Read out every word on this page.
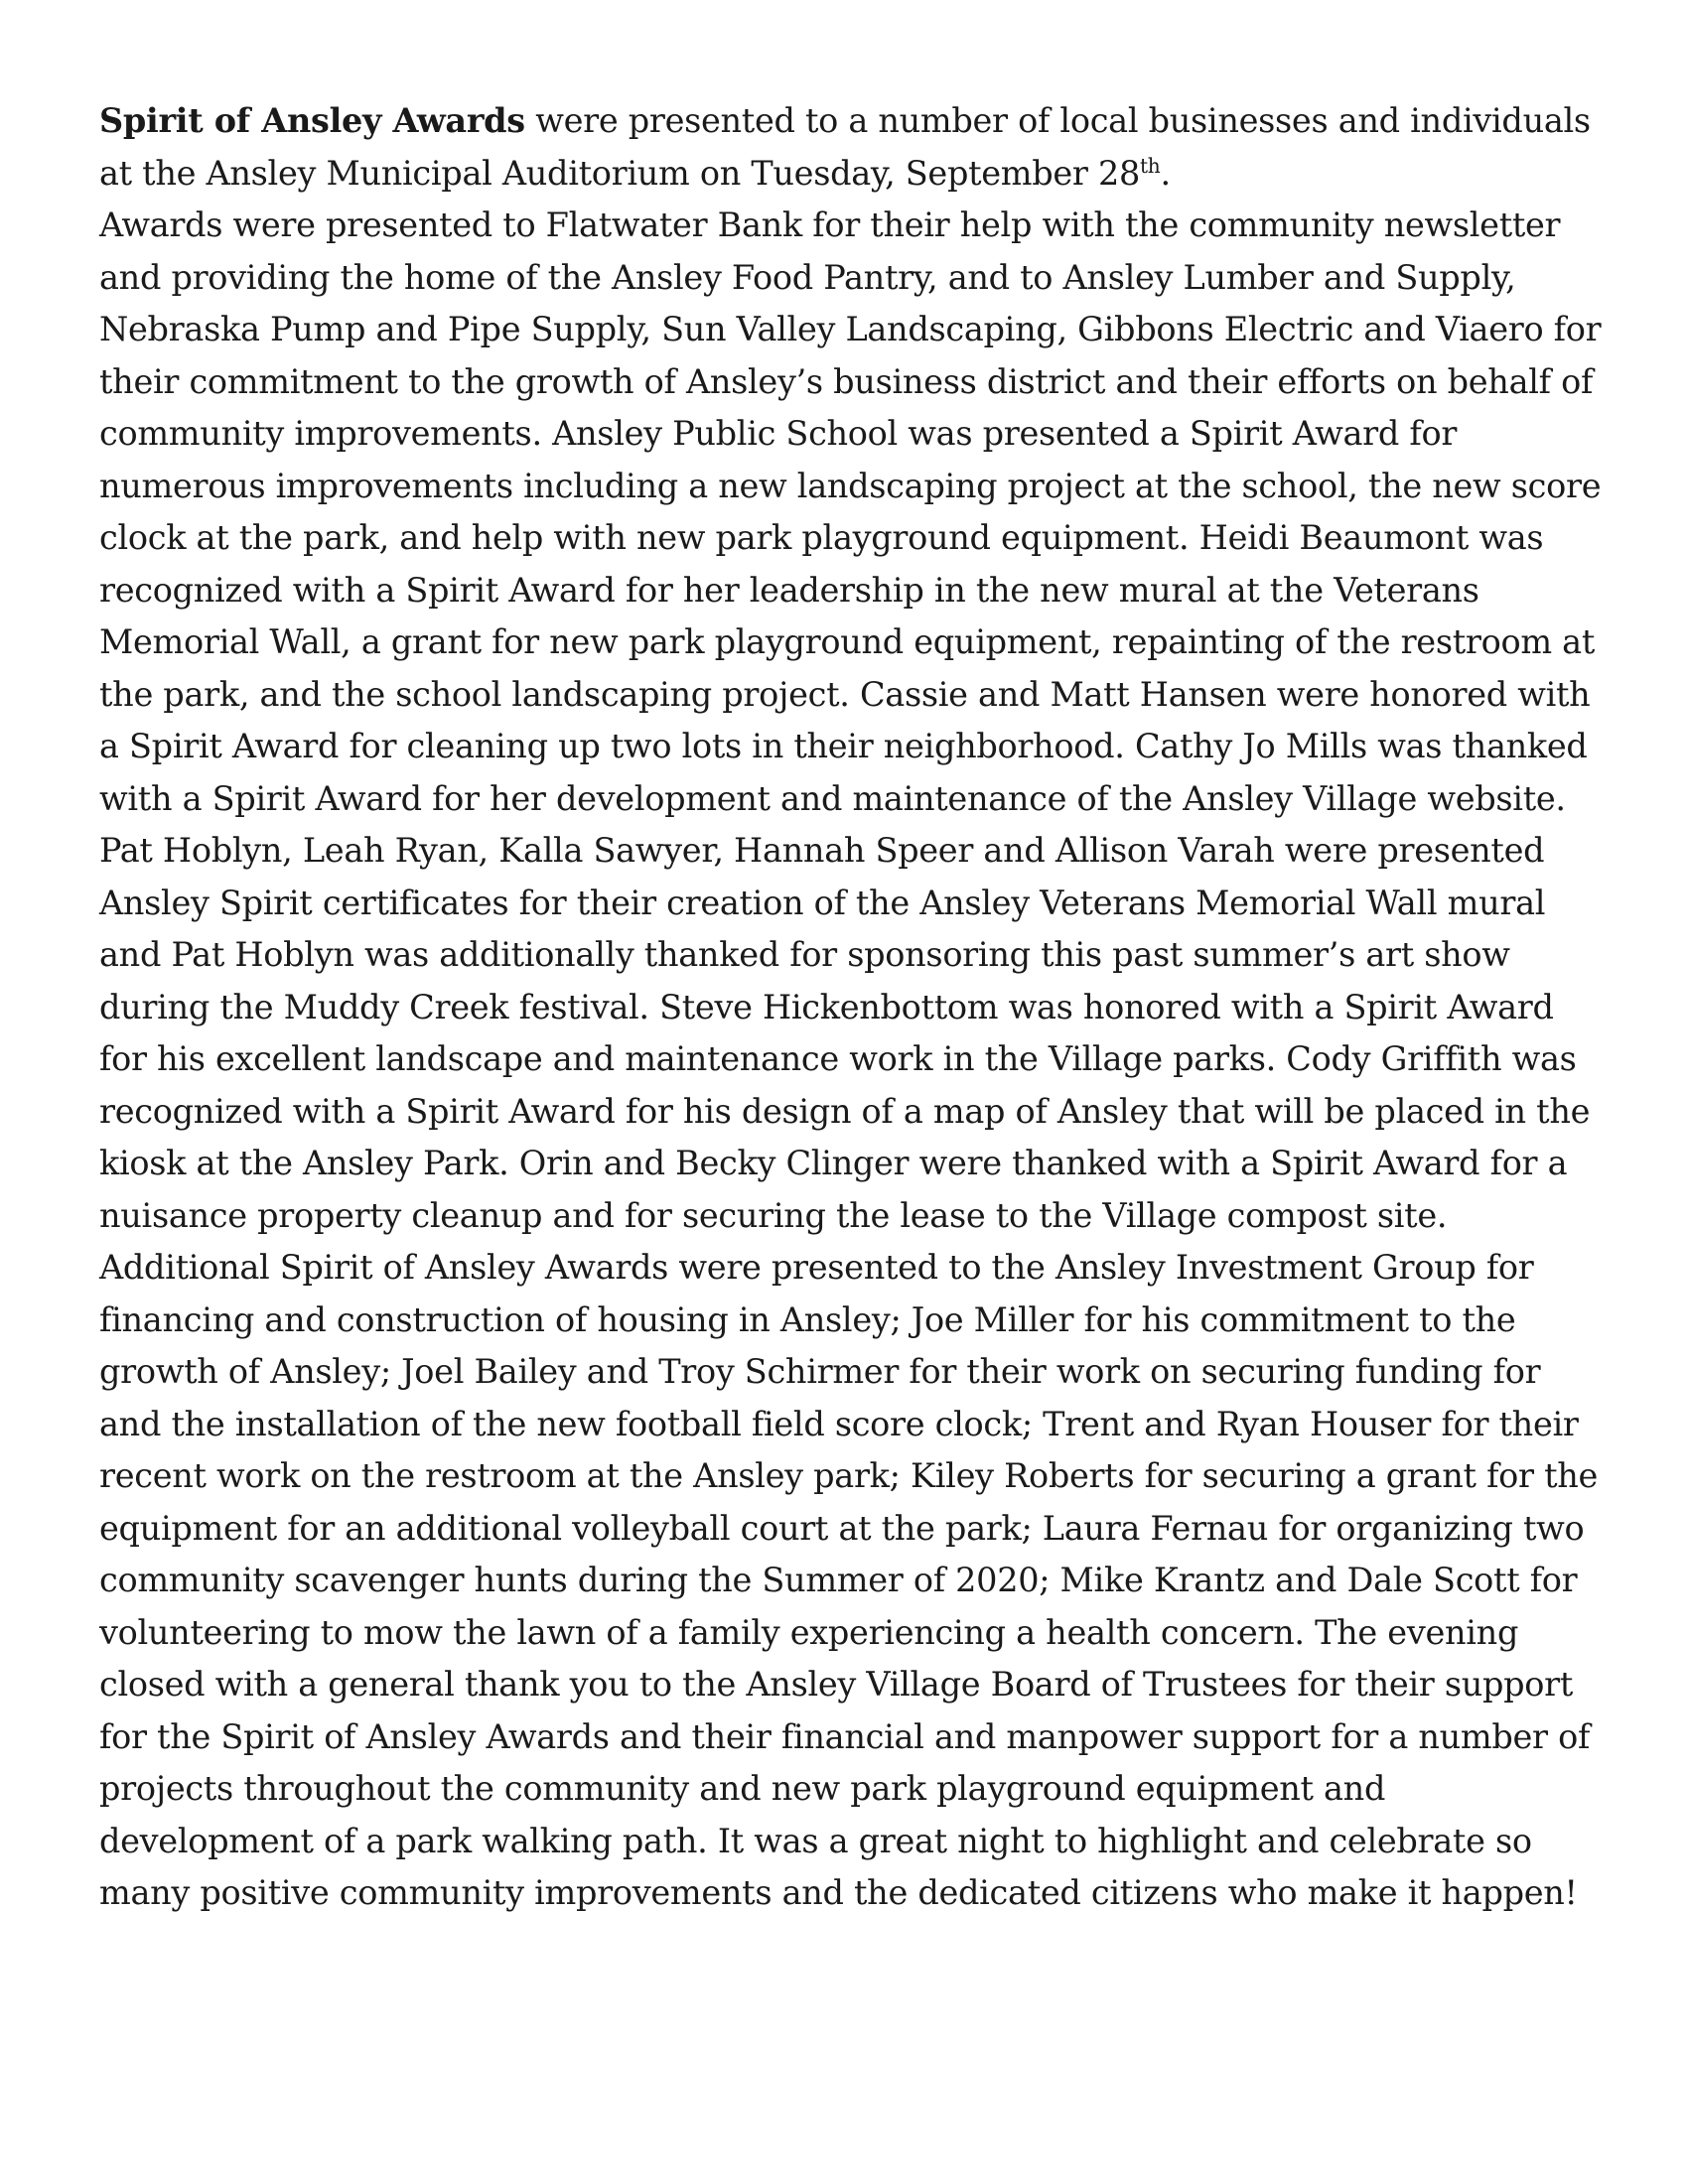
Spirit of Ansley Awards were presented to a number of local businesses and individuals
at the Ansley Municipal Auditorium on Tuesday, September 28th.
Awards were presented to Flatwater Bank for their help with the community newsletter
and providing the home of the Ansley Food Pantry, and to Ansley Lumber and Supply,
Nebraska Pump and Pipe Supply, Sun Valley Landscaping, Gibbons Electric and Viaero for
their commitment to the growth of Ansley’s business district and their efforts on behalf of
community improvements. Ansley Public School was presented a Spirit Award for
numerous improvements including a new landscaping project at the school, the new score
clock at the park, and help with new park playground equipment. Heidi Beaumont was
recognized with a Spirit Award for her leadership in the new mural at the Veterans
Memorial Wall, a grant for new park playground equipment, repainting of the restroom at
the park, and the school landscaping project. Cassie and Matt Hansen were honored with
a Spirit Award for cleaning up two lots in their neighborhood. Cathy Jo Mills was thanked
with a Spirit Award for her development and maintenance of the Ansley Village website.
Pat Hoblyn, Leah Ryan, Kalla Sawyer, Hannah Speer and Allison Varah were presented
Ansley Spirit certificates for their creation of the Ansley Veterans Memorial Wall mural
and Pat Hoblyn was additionally thanked for sponsoring this past summer’s art show
during the Muddy Creek festival. Steve Hickenbottom was honored with a Spirit Award
for his excellent landscape and maintenance work in the Village parks. Cody Griffith was
recognized with a Spirit Award for his design of a map of Ansley that will be placed in the
kiosk at the Ansley Park. Orin and Becky Clinger were thanked with a Spirit Award for a
nuisance property cleanup and for securing the lease to the Village compost site.
Additional Spirit of Ansley Awards were presented to the Ansley Investment Group for
financing and construction of housing in Ansley; Joe Miller for his commitment to the
growth of Ansley; Joel Bailey and Troy Schirmer for their work on securing funding for
and the installation of the new football field score clock; Trent and Ryan Houser for their
recent work on the restroom at the Ansley park; Kiley Roberts for securing a grant for the
equipment for an additional volleyball court at the park; Laura Fernau for organizing two
community scavenger hunts during the Summer of 2020; Mike Krantz and Dale Scott for
volunteering to mow the lawn of a family experiencing a health concern. The evening
closed with a general thank you to the Ansley Village Board of Trustees for their support
for the Spirit of Ansley Awards and their financial and manpower support for a number of
projects throughout the community and new park playground equipment and
development of a park walking path. It was a great night to highlight and celebrate so
many positive community improvements and the dedicated citizens who make it happen!
